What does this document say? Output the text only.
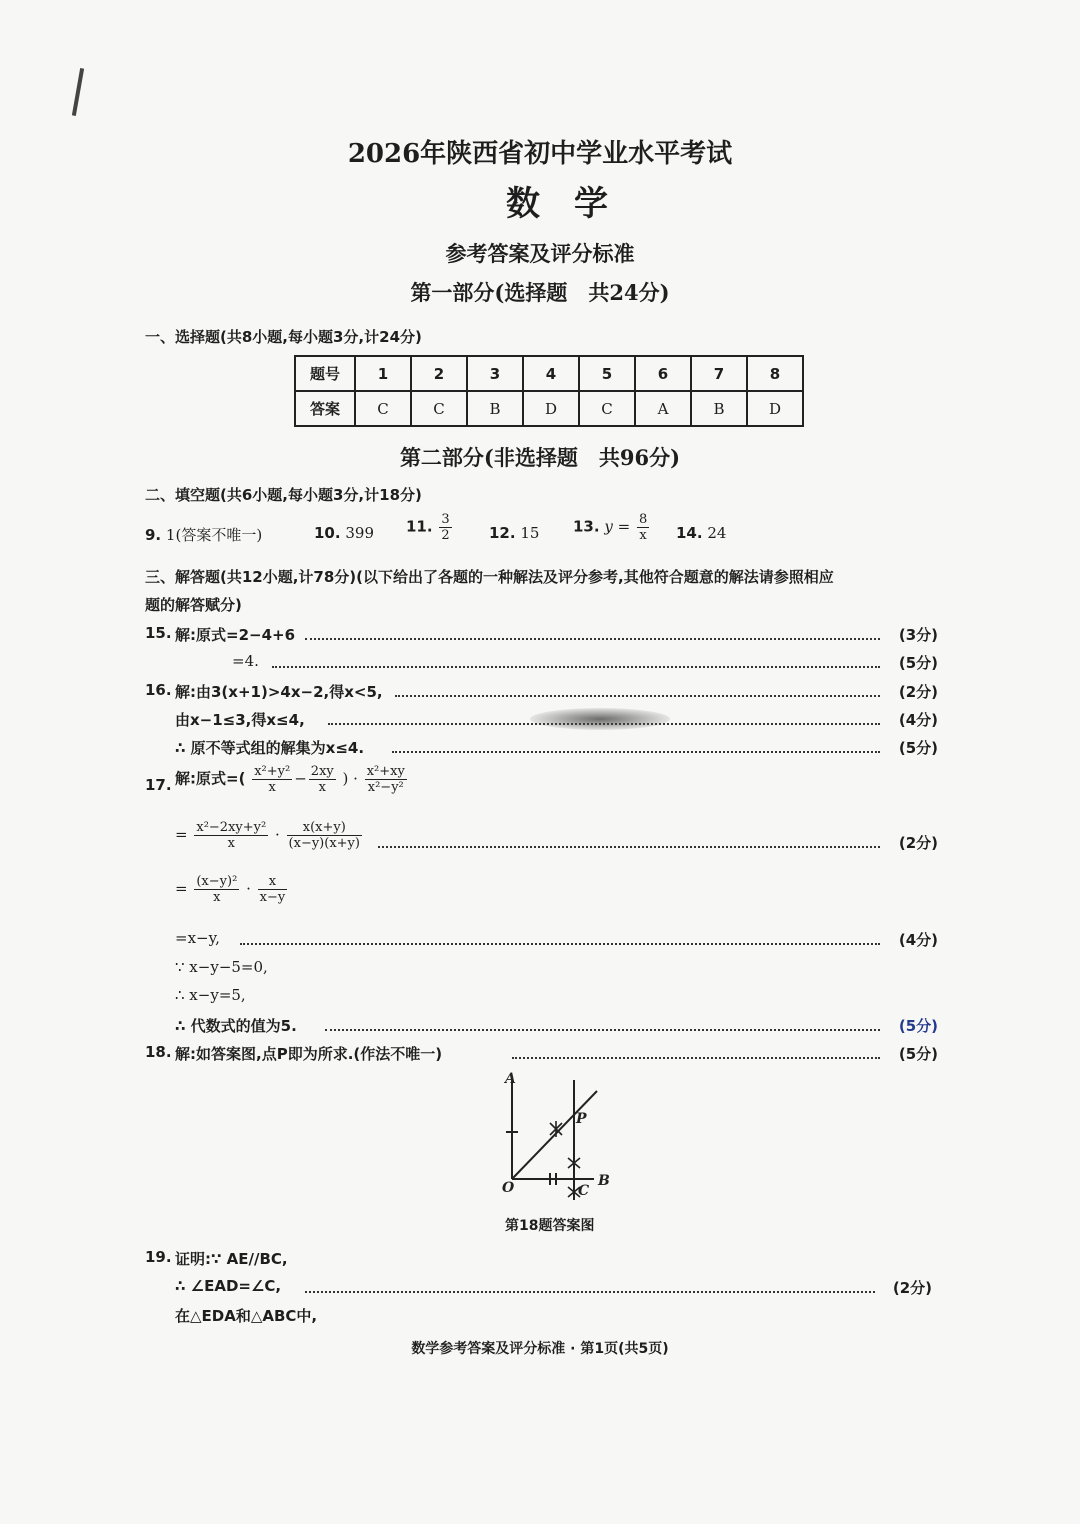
2026年陕西省初中学业水平考试
数学
参考答案及评分标准
第一部分(选择题　共24分)
一、选择题(共8小题,每小题3分,计24分)
题号	1	2	3	4	5	6	7	8
答案	C	C	B	D	C	A	B	D
第二部分(非选择题　共96分)
二、填空题(共6小题,每小题3分,计18分)
9. 1(答案不唯一)	10. 399 11. $\frac{3}{2} 12$. 15 13. $y = \frac{8}{x} 14$. 24
三、解答题(共12小题,计78分)(以下给出了各题的一种解法及评分参考,其他符合题意的解法请参照相应
题的解答赋分)
15. 解:原式=2−4+6	(3分)
=4.	(5分)
16. 解:由3(x+1)>4x−2,得x<5,	(2分)
由x−1≤3,得x≤4,	(4分)
∴ 原不等式组的解集为x≤4.	(5分)
17. 解:原式=( $\frac{\text{x²+y²}}{x} - \frac{2xy}{x}$ ) · $\frac{\text{x²+xy}}{\text{x²−y²}}$
= $\frac{\text{x²−2xy+y²}}{x} \cdot \frac{x(x+y)}{(x-y)(x+y)}$	(2分)
= $\frac{\text{(x−y)²}}{x} \cdot \frac{x}{x-y}$
=x−y,	(4分)
∵ x−y−5=0,
∴ x−y=5,
∴ 代数式的值为5.	(5分)
18. 解:如答案图,点P即为所求.(作法不唯一)	(5分)
A
P
O	B
C
第18题答案图
19. 证明:∵ AE//BC,
∴ ∠EAD=∠C,	(2分)
在△EDA和△ABC中,
数学参考答案及评分标准 · 第1页(共5页)
